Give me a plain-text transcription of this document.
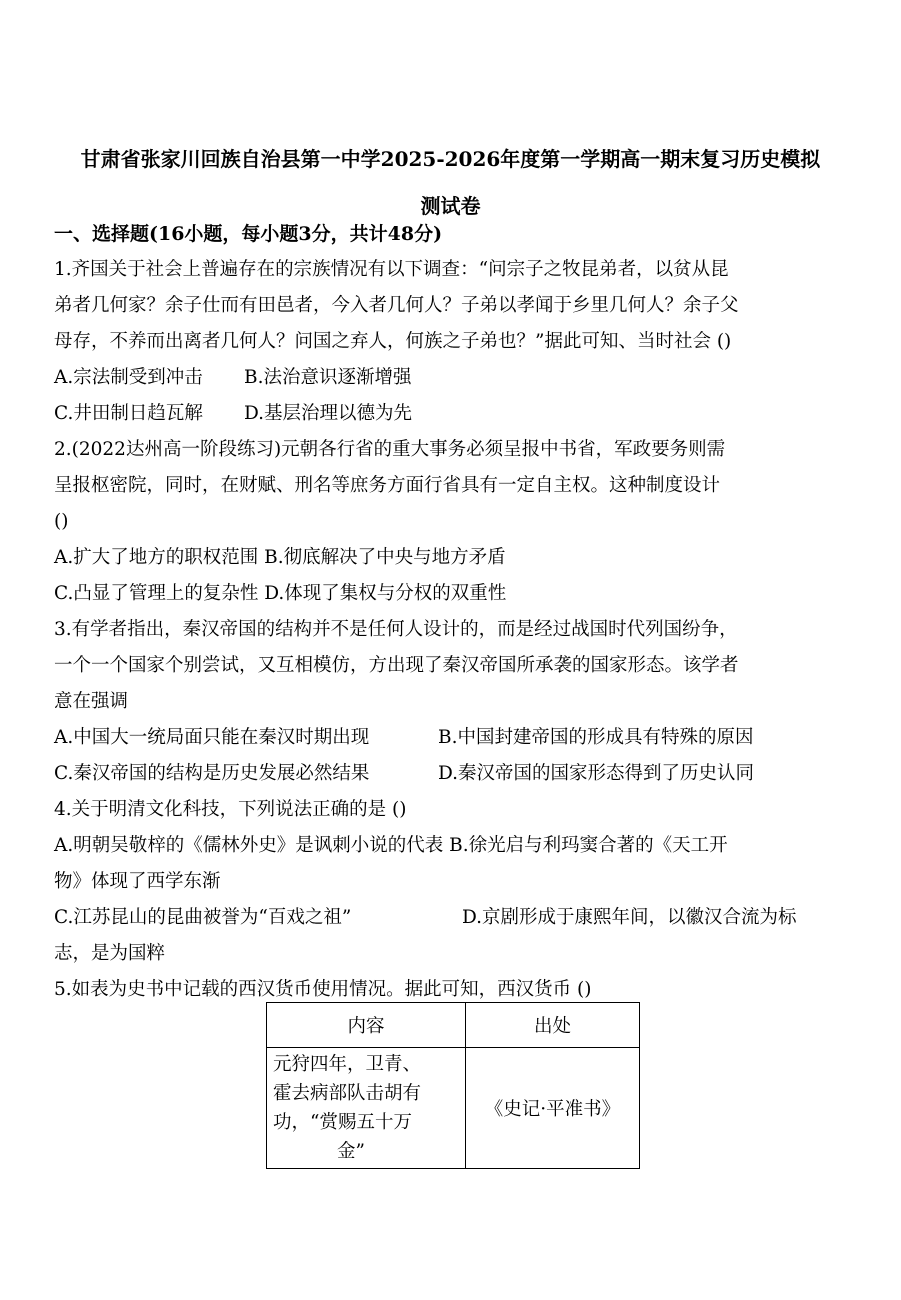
甘肃省张家川回族自治县第一中学2025-2026年度第一学期高一期末复习历史模拟
测试卷
一、选择题(16小题，每小题3分，共计48分)
1.齐国关于社会上普遍存在的宗族情况有以下调查：“问宗子之牧昆弟者，以贫从昆
弟者几何家？余子仕而有田邑者，今入者几何人？子弟以孝闻于乡里几何人？余子父
母存，不养而出离者几何人？问国之弃人，何族之子弟也？”据此可知、当时社会 ()
A.宗法制受到冲击 B.法治意识逐渐增强
C.井田制日趋瓦解 D.基层治理以德为先
2.(2022达州高一阶段练习)元朝各行省的重大事务必须呈报中书省，军政要务则需
呈报枢密院，同时，在财赋、刑名等庶务方面行省具有一定自主权。这种制度设计
()
A.扩大了地方的职权范围 B.彻底解决了中央与地方矛盾
C.凸显了管理上的复杂性 D.体现了集权与分权的双重性
3.有学者指出，秦汉帝国的结构并不是任何人设计的，而是经过战国时代列国纷争，
一个一个国家个别尝试，又互相模仿，方出现了秦汉帝国所承袭的国家形态。该学者
意在强调
A.中国大一统局面只能在秦汉时期出现	B.中国封建帝国的形成具有特殊的原因
C.秦汉帝国的结构是历史发展必然结果	D.秦汉帝国的国家形态得到了历史认同
4.关于明清文化科技，下列说法正确的是 ()
A.明朝吴敬梓的《儒林外史》是讽刺小说的代表 B.徐光启与利玛窦合著的《天工开
物》体现了西学东渐
C.江苏昆山的昆曲被誉为“百戏之祖”	D.京剧形成于康熙年间，以徽汉合流为标
志，是为国粹
5.如表为史书中记载的西汉货币使用情况。据此可知，西汉货币 ()
内容	出处

元狩四年，卫青、
霍去病部队击胡有
功，“赏赐五十万
金”	《史记·平准书》
